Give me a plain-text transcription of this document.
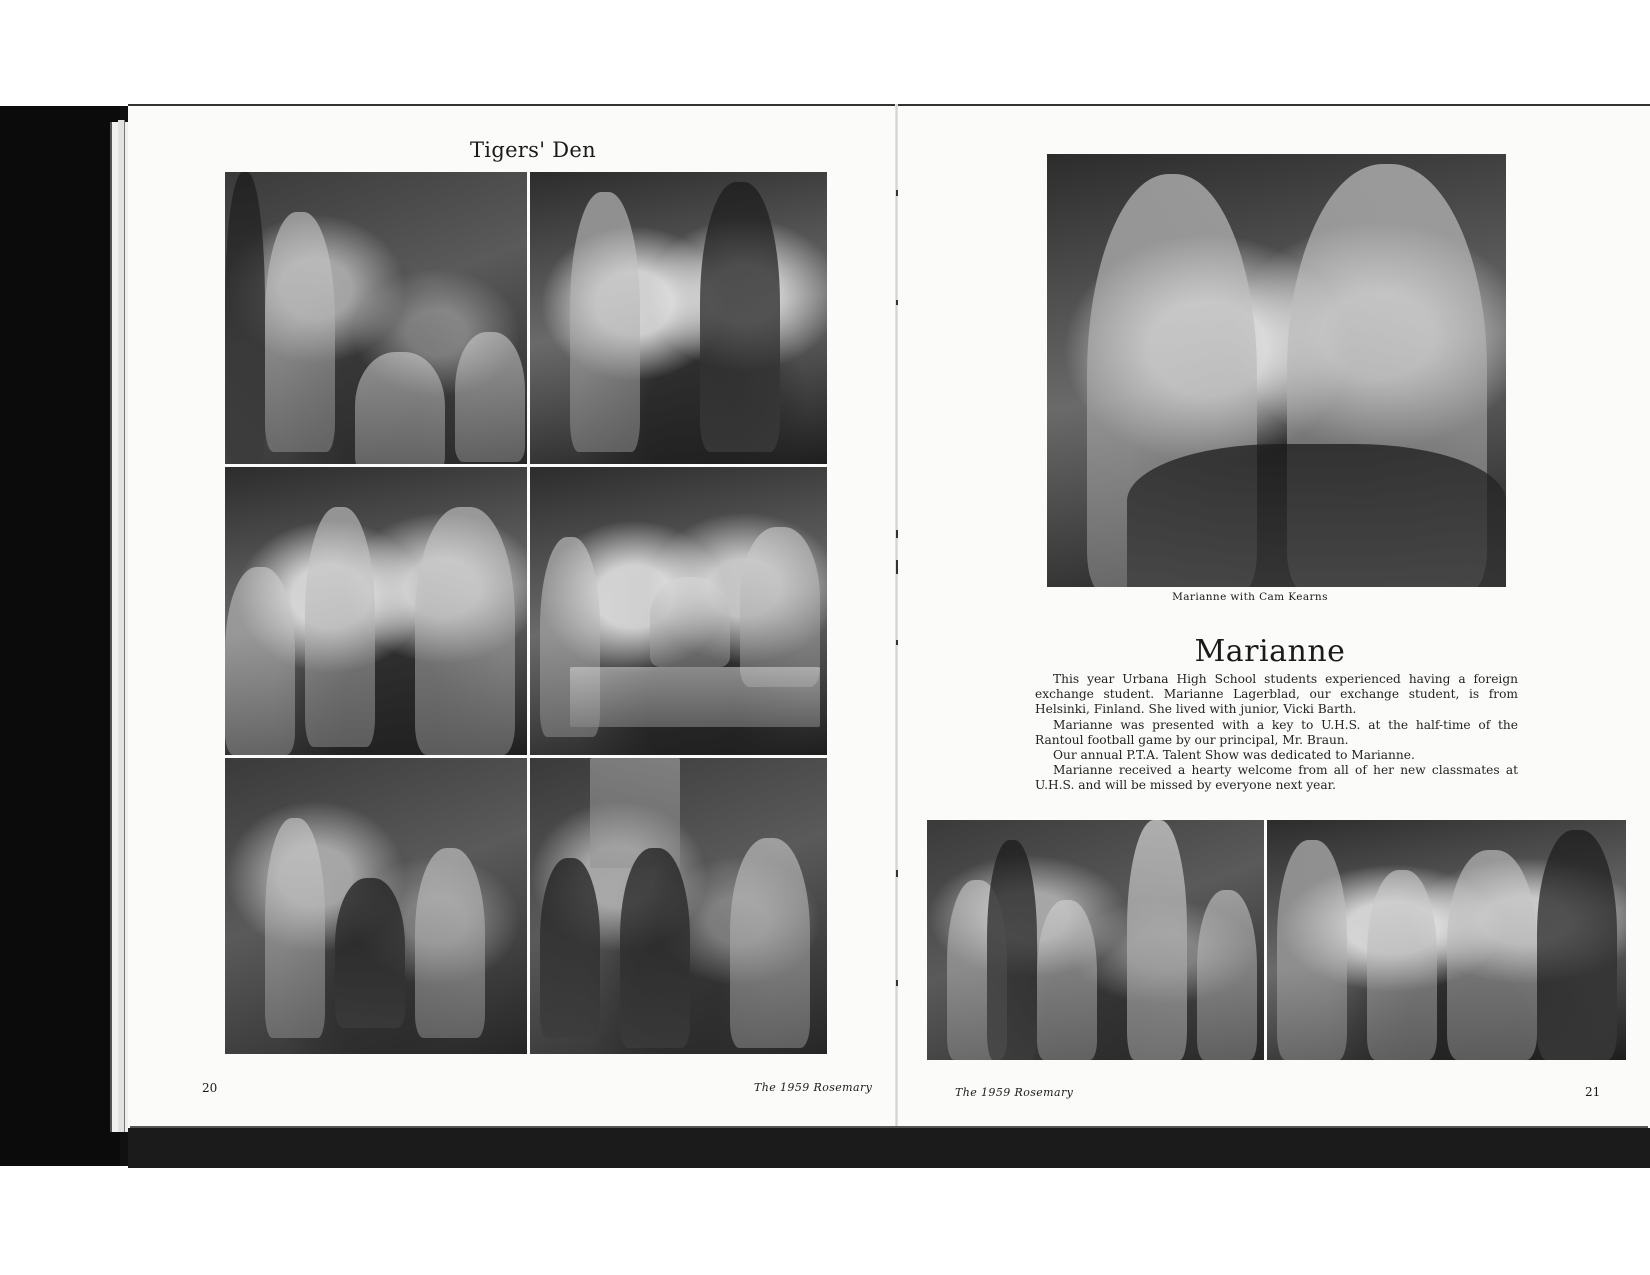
Tigers' Den
20	The 1959 Rosemary
Marianne with Cam Kearns
Marianne

This year Urbana High School students experienced having a foreign exchange student. Marianne Lagerblad, our exchange student, is from Helsinki, Finland. She lived with junior, Vicki Barth.

Marianne was presented with a key to U.H.S. at the half-time of the Rantoul football game by our principal, Mr. Braun.

Our annual P.T.A. Talent Show was dedicated to Marianne.

Marianne received a hearty welcome from all of her new classmates at U.H.S. and will be missed by everyone next year.

The 1959 Rosemary	21
